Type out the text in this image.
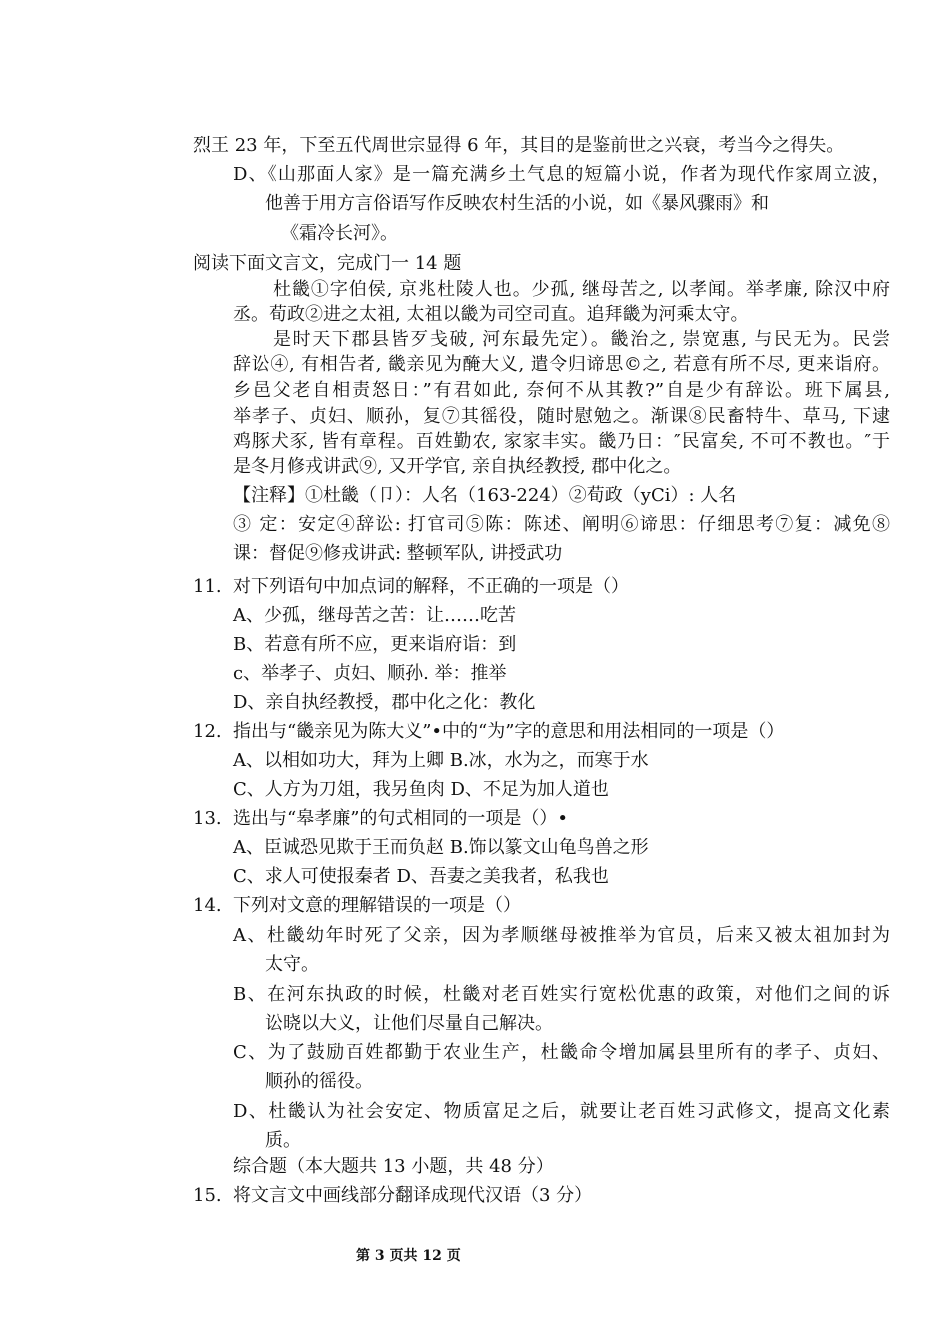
烈王 23 年，下至五代周世宗显得 6 年，其目的是鉴前世之兴衰，考当今之得失。
D、《山那面人家》是一篇充满乡土气息的短篇小说，作者为现代作家周立波，
他善于用方言俗语写作反映农村生活的小说，如《暴风骤雨》和
《霜冷长河》。
阅读下面文言文，完成门一 14 题
杜畿①字伯侯, 京兆杜陵人也。少孤, 继母苦之, 以孝闻。举孝廉, 除汉中府
丞。荀政②进之太祖, 太祖以畿为司空司直。追拜畿为河乘太守。
是时天下郡县皆歹戋破, 河东最先定）。畿治之, 崇宽惠, 与民无为。民尝
辞讼④, 有相告者, 畿亲见为醃大义, 遣令归谛思©之, 若意有所不尽, 更来诣府。
乡邑父老自相责怒日：”有君如此, 奈何不从其教?”自是少有辞讼。班下属县,
举孝子、贞妇、顺孙，复⑦其徭役，随时慰勉之。渐课⑧民畜特牛、草马, 下逮
鸡豚犬豕, 皆有章程。百姓勤农, 家家丰实。畿乃日：″民富矣, 不可不教也。″于
是冬月修戎讲武⑨, 又开学官, 亲自执经教授, 郡中化之。
【注释】①杜畿（卩）：人名（163-224）②荀政（yCi）: 人名
③ 定：安定④辞讼: 打官司⑤陈：陈述、阐明⑥谛思：仔细思考⑦复：减免⑧
课：督促⑨修戎讲武: 整顿军队, 讲授武功
11. 对下列语句中加点词的解释，不正确的一项是（）
A、少孤，继母苦之苦：让……吃苦
B、若意有所不应，更来诣府诣：到
c、举孝子、贞妇、顺孙. 举：推举
D、亲自执经教授，郡中化之化：教化
12. 指出与“畿亲见为陈大义”•中的“为”字的意思和用法相同的一项是（）
A、以相如功大，拜为上卿 B.冰，水为之，而寒于水
C、人方为刀俎，我另鱼肉 D、不足为加人道也
13. 选出与“皋孝廉”的句式相同的一项是（）•
A、臣诚恐见欺于王而负赵 B.饰以篆文山龟鸟兽之形
C、求人可使报秦者 D、吾妻之美我者，私我也
14. 下列对文意的理解错误的一项是（）
A、杜畿幼年时死了父亲，因为孝顺继母被推举为官员，后来又被太祖加封为
太守。
B、在河东执政的时候，杜畿对老百姓实行宽松优惠的政策，对他们之间的诉
讼晓以大义，让他们尽量自己解决。
C、为了鼓励百姓都勤于农业生产，杜畿命令增加属县里所有的孝子、贞妇、
顺孙的徭役。
D、杜畿认为社会安定、物质富足之后，就要让老百姓习武修文，提高文化素
质。
综合题（本大题共 13 小题，共 48 分）
15. 将文言文中画线部分翻译成现代汉语（3 分）
第 3 页共 12 页
